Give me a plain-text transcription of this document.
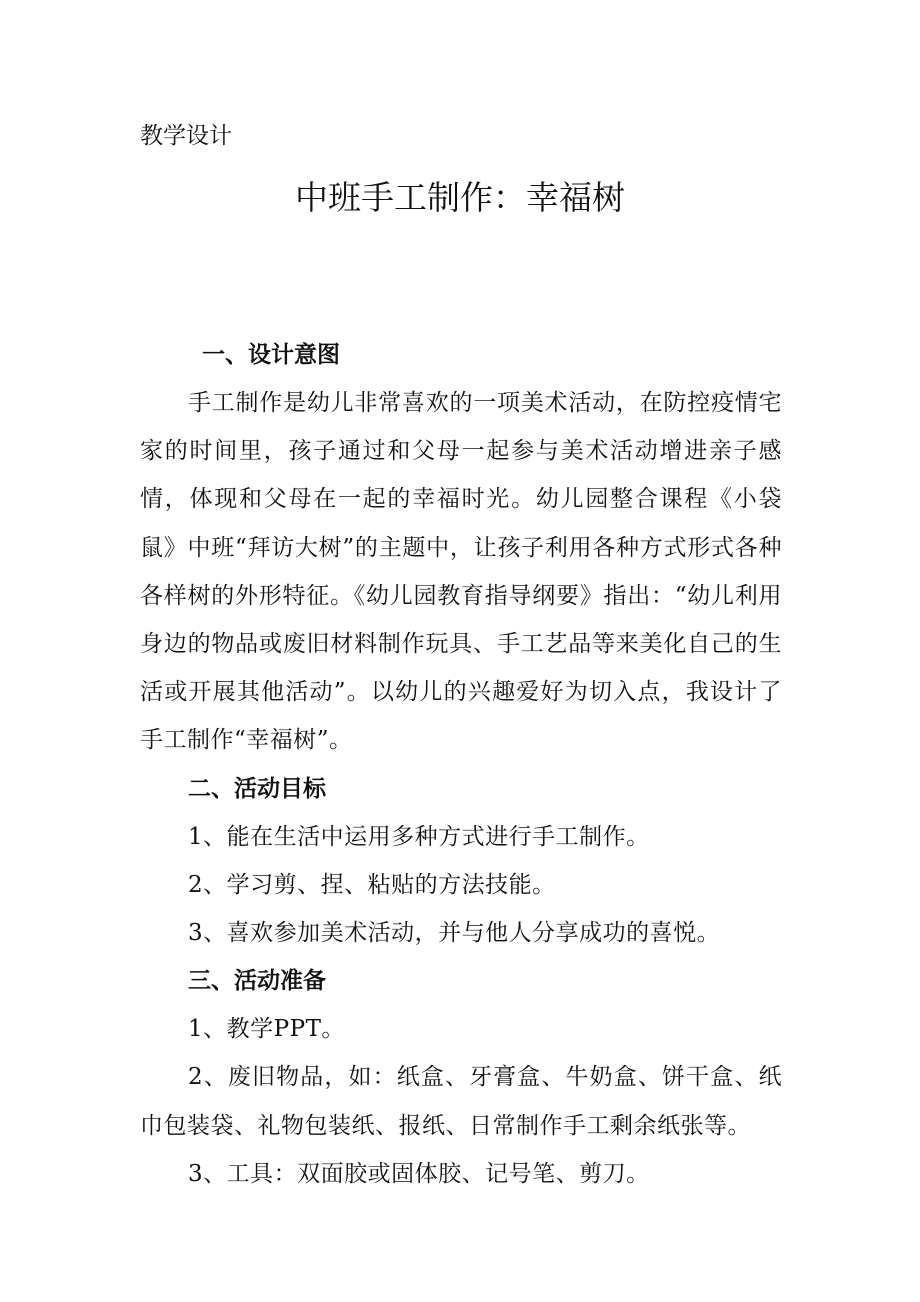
教学设计
中班手工制作：幸福树
一、设计意图

手工制作是幼儿非常喜欢的一项美术活动，在防控疫情宅家的时间里，孩子通过和父母一起参与美术活动增进亲子感情，体现和父母在一起的幸福时光。幼儿园整合课程《小袋鼠》中班“拜访大树”的主题中，让孩子利用各种方式形式各种各样树的外形特征。《幼儿园教育指导纲要》指出：“幼儿利用身边的物品或废旧材料制作玩具、手工艺品等来美化自己的生活或开展其他活动”。以幼儿的兴趣爱好为切入点，我设计了手工制作“幸福树”。

二、活动目标
1、能在生活中运用多种方式进行手工制作。
2、学习剪、捏、粘贴的方法技能。
3、喜欢参加美术活动，并与他人分享成功的喜悦。
三、活动准备
1、教学PPT。
2、废旧物品，如：纸盒、牙膏盒、牛奶盒、饼干盒、纸巾包装袋、礼物包装纸、报纸、日常制作手工剩余纸张等。
3、工具：双面胶或固体胶、记号笔、剪刀。
